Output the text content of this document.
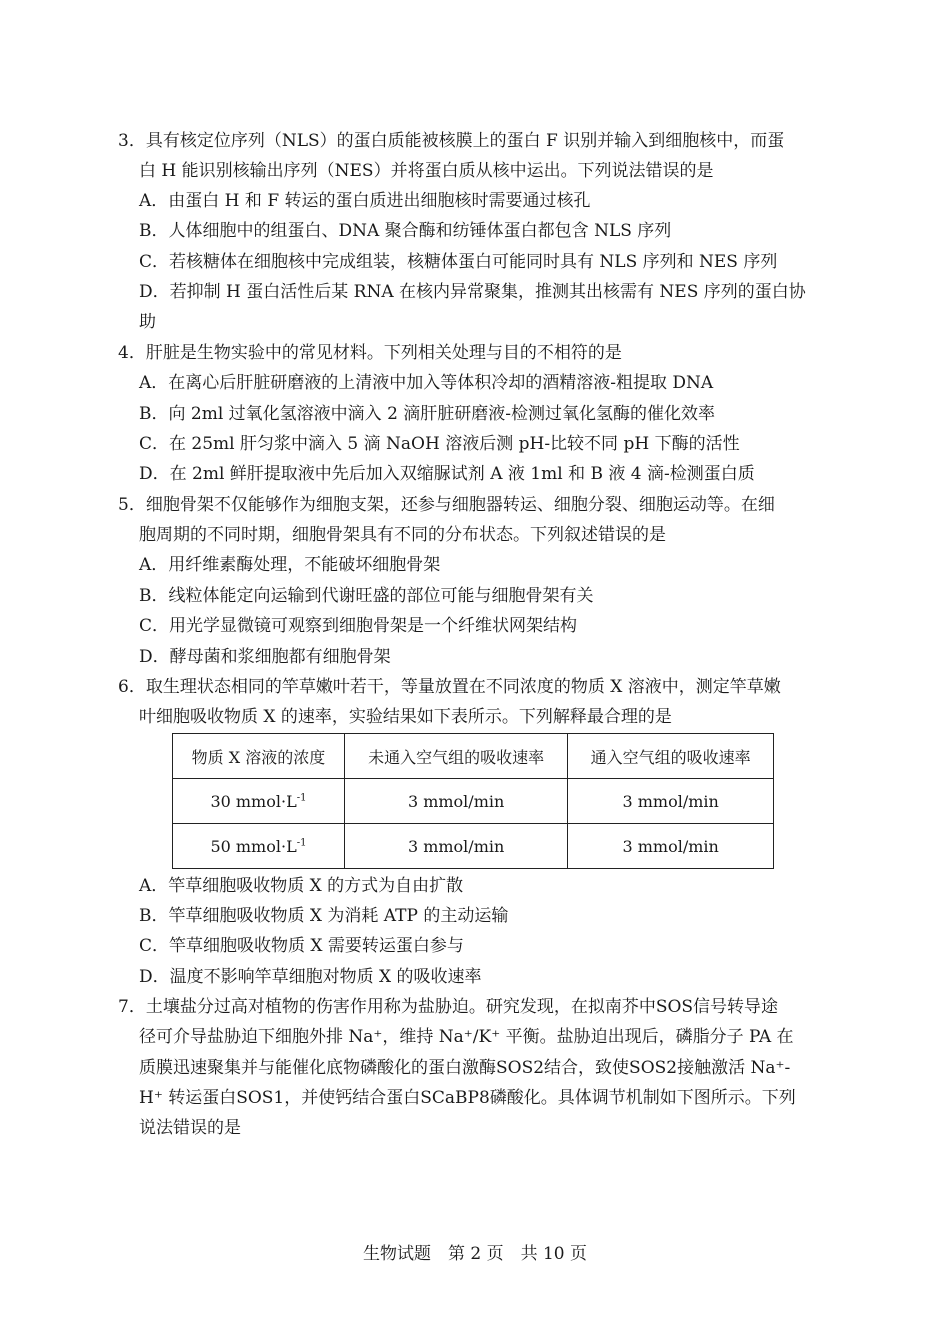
3．具有核定位序列（NLS）的蛋白质能被核膜上的蛋白 F 识别并输入到细胞核中，而蛋
白 H 能识别核输出序列（NES）并将蛋白质从核中运出。下列说法错误的是
A．由蛋白 H 和 F 转运的蛋白质进出细胞核时需要通过核孔
B．人体细胞中的组蛋白、DNA 聚合酶和纺锤体蛋白都包含 NLS 序列
C．若核糖体在细胞核中完成组装，核糖体蛋白可能同时具有 NLS 序列和 NES 序列
D．若抑制 H 蛋白活性后某 RNA 在核内异常聚集，推测其出核需有 NES 序列的蛋白协
助
4．肝脏是生物实验中的常见材料。下列相关处理与目的不相符的是
A．在离心后肝脏研磨液的上清液中加入等体积冷却的酒精溶液-粗提取 DNA
B．向 2ml 过氧化氢溶液中滴入 2 滴肝脏研磨液-检测过氧化氢酶的催化效率
C．在 25ml 肝匀浆中滴入 5 滴 NaOH 溶液后测 pH-比较不同 pH 下酶的活性
D．在 2ml 鲜肝提取液中先后加入双缩脲试剂 A 液 1ml 和 B 液 4 滴-检测蛋白质
5．细胞骨架不仅能够作为细胞支架，还参与细胞器转运、细胞分裂、细胞运动等。在细
胞周期的不同时期，细胞骨架具有不同的分布状态。下列叙述错误的是
A．用纤维素酶处理，不能破坏细胞骨架
B．线粒体能定向运输到代谢旺盛的部位可能与细胞骨架有关
C．用光学显微镜可观察到细胞骨架是一个纤维状网架结构
D．酵母菌和浆细胞都有细胞骨架
6．取生理状态相同的竿草嫩叶若干，等量放置在不同浓度的物质 X 溶液中，测定竿草嫩
叶细胞吸收物质 X 的速率，实验结果如下表所示。下列解释最合理的是
物质 X 溶液的浓度	未通入空气组的吸收速率	通入空气组的吸收速率
30 $mmol\cdot L^{-1}$	3 mmol/min	3 mmol/min
50 $mmol\cdot L^{-1}$	3 mmol/min	3 mmol/min
A．竿草细胞吸收物质 X 的方式为自由扩散
B．竿草细胞吸收物质 X 为消耗 ATP 的主动运输
C．竿草细胞吸收物质 X 需要转运蛋白参与
D．温度不影响竿草细胞对物质 X 的吸收速率
7．土壤盐分过高对植物的伤害作用称为盐胁迫。研究发现，在拟南芥中SOS信号转导途
径可介导盐胁迫下细胞外排 Na⁺，维持 Na⁺/K⁺ 平衡。盐胁迫出现后，磷脂分子 PA 在
质膜迅速聚集并与能催化底物磷酸化的蛋白激酶SOS2结合，致使SOS2接触激活 Na⁺-
H⁺ 转运蛋白SOS1，并使钙结合蛋白SCaBP8磷酸化。具体调节机制如下图所示。下列
说法错误的是
生物试题　第 2 页　共 10 页
